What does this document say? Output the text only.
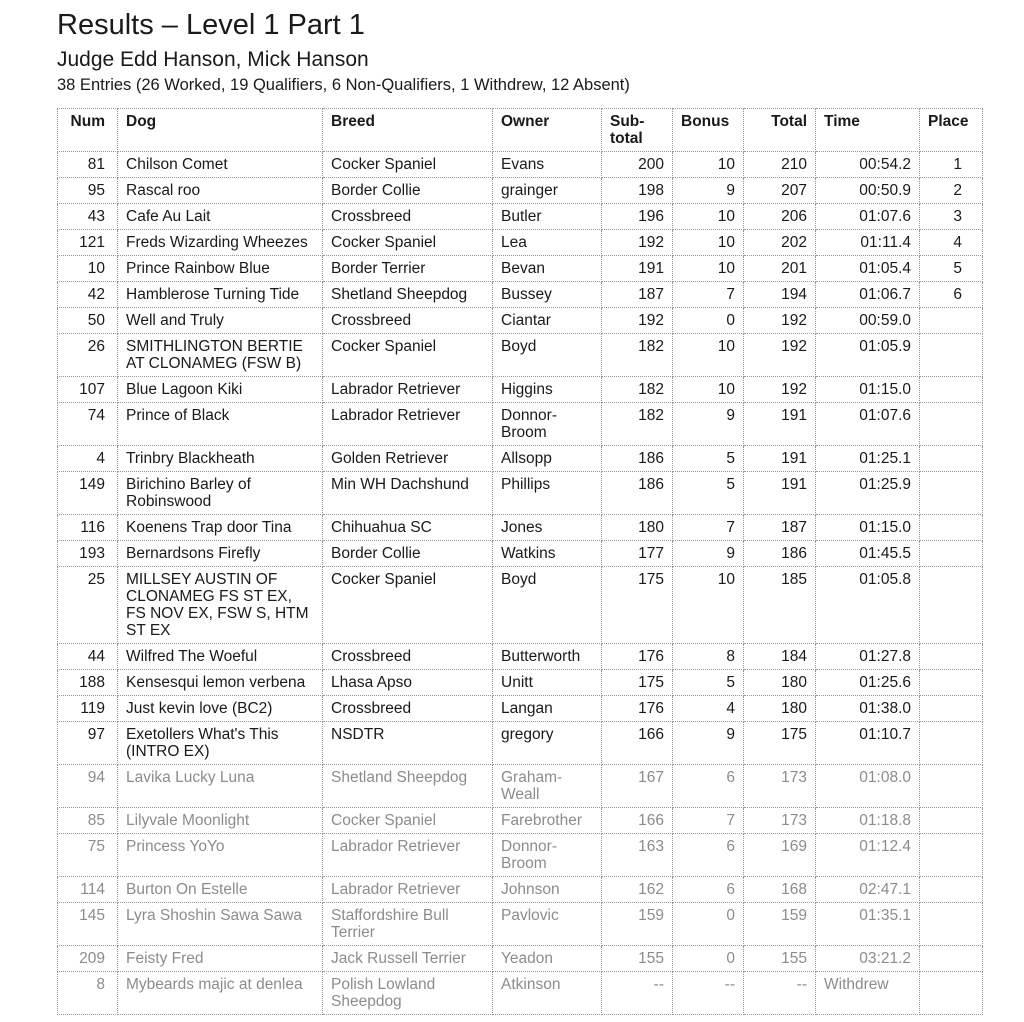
Results – Level 1 Part 1
Judge Edd Hanson, Mick Hanson
38 Entries (26 Worked, 19 Qualifiers, 6 Non-Qualifiers, 1 Withdrew, 12 Absent)
Num	Dog	Breed	Owner	Sub-total	Bonus	Total	Time	Place
81	Chilson Comet	Cocker Spaniel	Evans	200	10	210	00:54.2	1
95	Rascal roo	Border Collie	grainger	198	9	207	00:50.9	2
43	Cafe Au Lait	Crossbreed	Butler	196	10	206	01:07.6	3
121	Freds Wizarding Wheezes	Cocker Spaniel	Lea	192	10	202	01:11.4	4
10	Prince Rainbow Blue	Border Terrier	Bevan	191	10	201	01:05.4	5
42	Hamblerose Turning Tide	Shetland Sheepdog	Bussey	187	7	194	01:06.7	6
50	Well and Truly	Crossbreed	Ciantar	192	0	192	00:59.0	
26	SMITHLINGTON BERTIE AT CLONAMEG (FSW B)	Cocker Spaniel	Boyd	182	10	192	01:05.9	
107	Blue Lagoon Kiki	Labrador Retriever	Higgins	182	10	192	01:15.0	
74	Prince of Black	Labrador Retriever	Donnor-Broom	182	9	191	01:07.6	
4	Trinbry Blackheath	Golden Retriever	Allsopp	186	5	191	01:25.1	
149	Birichino Barley of Robinswood	Min WH Dachshund	Phillips	186	5	191	01:25.9	
116	Koenens Trap door Tina	Chihuahua SC	Jones	180	7	187	01:15.0	
193	Bernardsons Firefly	Border Collie	Watkins	177	9	186	01:45.5	
25	MILLSEY AUSTIN OF CLONAMEG FS ST EX, FS NOV EX, FSW S, HTM ST EX	Cocker Spaniel	Boyd	175	10	185	01:05.8	
44	Wilfred The Woeful	Crossbreed	Butterworth	176	8	184	01:27.8	
188	Kensesqui lemon verbena	Lhasa Apso	Unitt	175	5	180	01:25.6	
119	Just kevin love (BC2)	Crossbreed	Langan	176	4	180	01:38.0	
97	Exetollers What's This (INTRO EX)	NSDTR	gregory	166	9	175	01:10.7	
94	Lavika Lucky Luna	Shetland Sheepdog	Graham-Weall	167	6	173	01:08.0	
85	Lilyvale Moonlight	Cocker Spaniel	Farebrother	166	7	173	01:18.8	
75	Princess YoYo	Labrador Retriever	Donnor-Broom	163	6	169	01:12.4	
114	Burton On Estelle	Labrador Retriever	Johnson	162	6	168	02:47.1	
145	Lyra Shoshin Sawa Sawa	Staffordshire Bull Terrier	Pavlovic	159	0	159	01:35.1	
209	Feisty Fred	Jack Russell Terrier	Yeadon	155	0	155	03:21.2	
8	Mybeards majic at denlea	Polish Lowland Sheepdog	Atkinson	--	--	--	Withdrew	
